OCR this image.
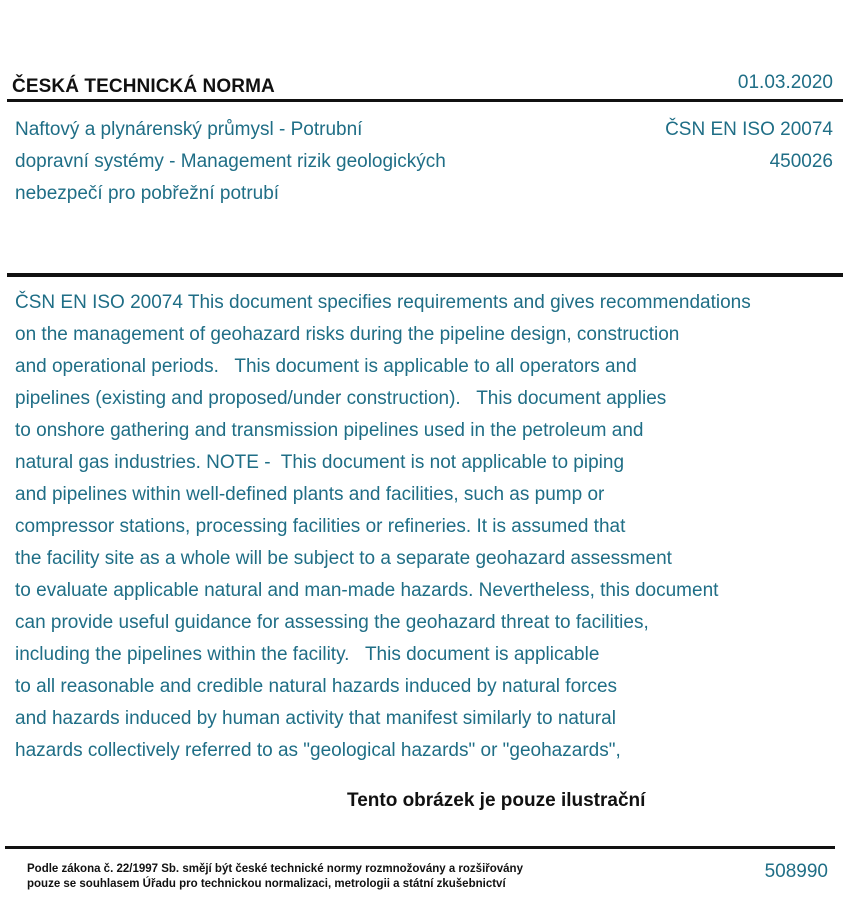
ČESKÁ TECHNICKÁ NORMA	01.03.2020
Naftový a plynárenský průmysl - Potrubní
dopravní systémy - Management rizik geologických
nebezpečí pro pobřežní potrubí
ČSN EN ISO 20074
450026
ČSN EN ISO 20074 This document specifies requirements and gives recommendations
on the management of geohazard risks during the pipeline design, construction
and operational periods.   This document is applicable to all operators and
pipelines (existing and proposed/under construction).   This document applies
to onshore gathering and transmission pipelines used in the petroleum and
natural gas industries. NOTE -  This document is not applicable to piping
and pipelines within well-defined plants and facilities, such as pump or
compressor stations, processing facilities or refineries. It is assumed that
the facility site as a whole will be subject to a separate geohazard assessment
to evaluate applicable natural and man-made hazards. Nevertheless, this document
can provide useful guidance for assessing the geohazard threat to facilities,
including the pipelines within the facility.   This document is applicable
to all reasonable and credible natural hazards induced by natural forces
and hazards induced by human activity that manifest similarly to natural
hazards collectively referred to as "geological hazards" or "geohazards",
Tento obrázek je pouze ilustrační
Podle zákona č. 22/1997 Sb. smějí být české technické normy rozmnožovány a rozšiřovány
pouze se souhlasem Úřadu pro technickou normalizaci, metrologii a státní zkušebnictví
508990
